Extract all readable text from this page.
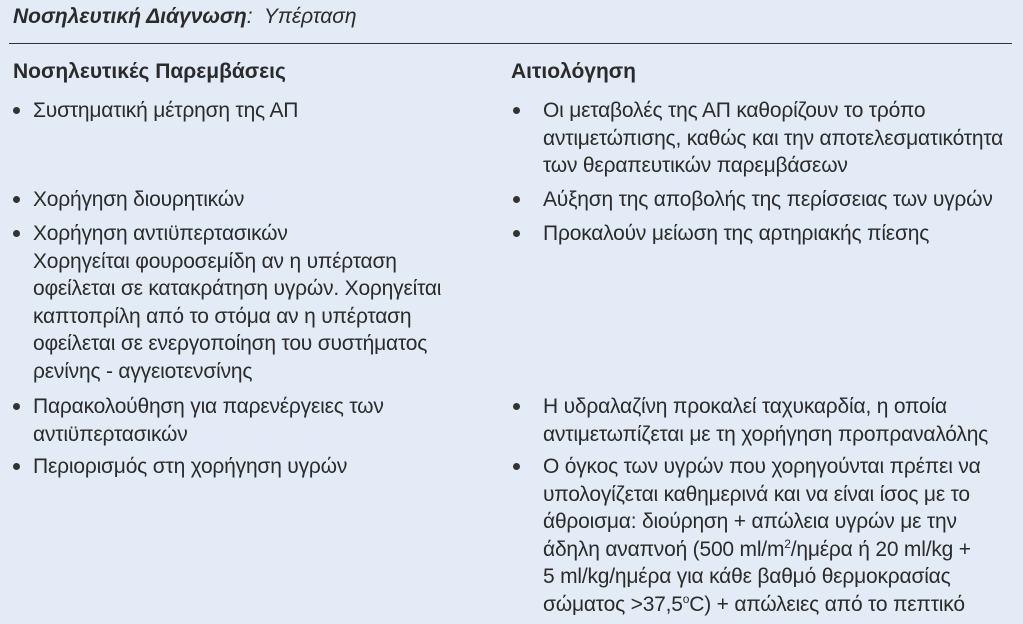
Νοσηλευτική Διάγνωση: Υπέρταση
Νοσηλευτικές Παρεμβάσεις	Αιτιολόγηση
Συστηματική μέτρηση της ΑΠ
Χορήγηση διουρητικών
Χορήγηση αντιϋπερτασικών
Χορηγείται φουροσεμίδη αν η υπέρταση
οφείλεται σε κατακράτηση υγρών. Χορηγείται
καπτοπρίλη από το στόμα αν η υπέρταση
οφείλεται σε ενεργοποίηση του συστήματος
ρενίνης - αγγειοτενσίνης
Παρακολούθηση για παρενέργειες των
αντιϋπερτασικών
Περιορισμός στη χορήγηση υγρών
Οι μεταβολές της ΑΠ καθορίζουν το τρόπο
αντιμετώπισης, καθώς και την αποτελεσματικότητα
των θεραπευτικών παρεμβάσεων
Αύξηση της αποβολής της περίσσειας των υγρών
Προκαλούν μείωση της αρτηριακής πίεσης
Η υδραλαζίνη προκαλεί ταχυκαρδία, η οποία
αντιμετωπίζεται με τη χορήγηση προπραναλόλης
Ο όγκος των υγρών που χορηγούνται πρέπει να
υπολογίζεται καθημερινά και να είναι ίσος με το
άθροισμα: διούρηση + απώλεια υγρών με την
άδηλη αναπνοή (500 $ml/m^2$/ημέρα ή 20 ml/kg +
5 ml/kg/ημέρα για κάθε βαθμό θερμοκρασίας
$\sigma ώ\mu\alpha\tau o\varsigma >37,5^oC) + \alpha\pi ώ\lambda\varepsilon\iota\varepsilon\varsigma$ από το πεπτικό
